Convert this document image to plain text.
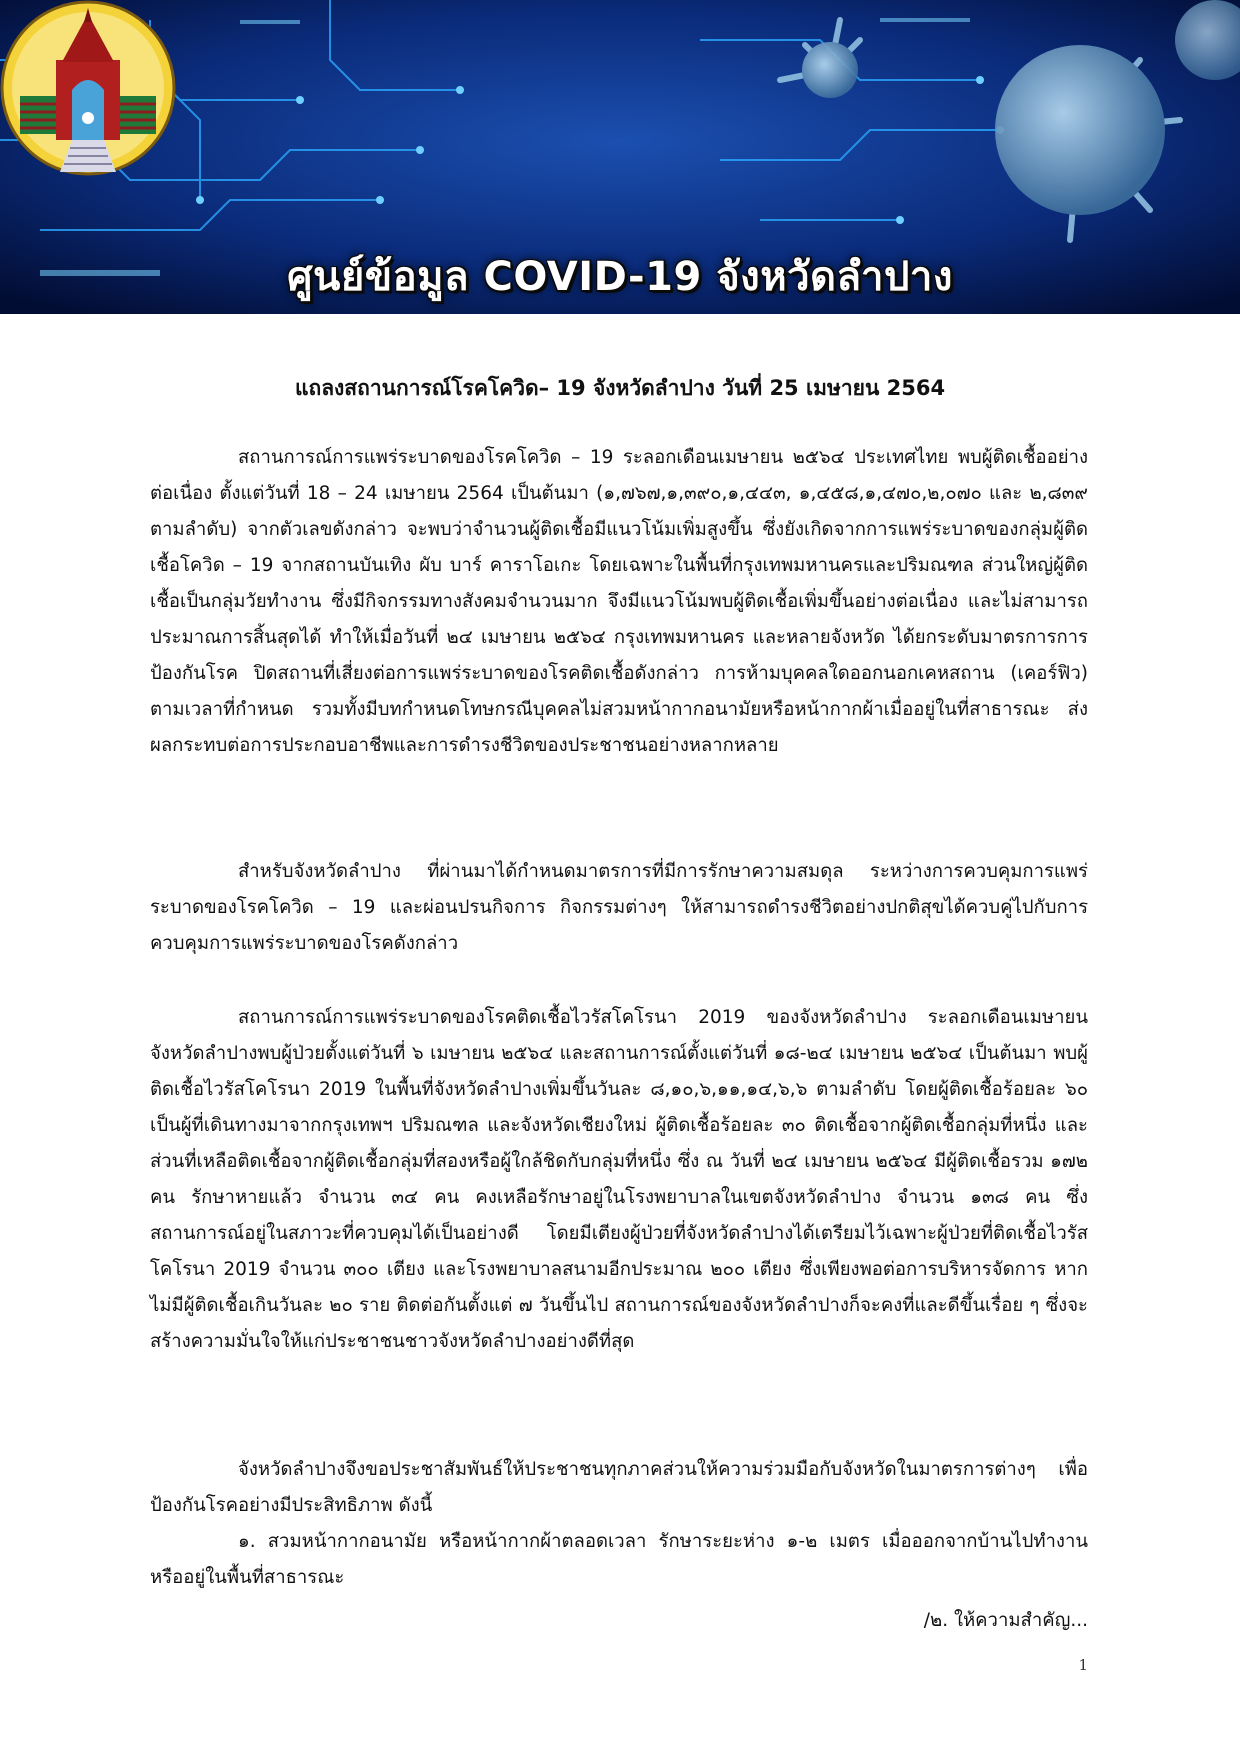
ศูนย์ข้อมูล COVID-19 จังหวัดลำปาง
แถลงสถานการณ์โรคโควิด– 19 จังหวัดลำปาง วันที่ 25 เมษายน 2564

สถานการณ์การแพร่ระบาดของโรคโควิด – 19 ระลอกเดือนเมษายน ๒๕๖๔ ประเทศไทย พบผู้ติดเชื้ออย่างต่อเนื่อง ตั้งแต่วันที่ 18 – 24 เมษายน 2564 เป็นต้นมา (๑,๗๖๗,๑,๓๙๐,๑,๔๔๓, ๑,๔๕๘,๑,๔๗๐,๒,๐๗๐ และ ๒,๘๓๙ ตามลำดับ) จากตัวเลขดังกล่าว จะพบว่าจำนวนผู้ติดเชื้อมีแนวโน้มเพิ่มสูงขึ้น ซึ่งยังเกิดจากการแพร่ระบาดของกลุ่มผู้ติดเชื้อโควิด – 19 จากสถานบันเทิง ผับ บาร์ คาราโอเกะ โดยเฉพาะในพื้นที่กรุงเทพมหานครและปริมณฑล ส่วนใหญ่ผู้ติดเชื้อเป็นกลุ่มวัยทำงาน ซึ่งมีกิจกรรมทางสังคมจำนวนมาก จึงมีแนวโน้มพบผู้ติดเชื้อเพิ่มขึ้นอย่างต่อเนื่อง และไม่สามารถประมาณการสิ้นสุดได้ ทำให้เมื่อวันที่ ๒๔ เมษายน ๒๕๖๔ กรุงเทพมหานคร และหลายจังหวัด ได้ยกระดับมาตรการการป้องกันโรค ปิดสถานที่เสี่ยงต่อการแพร่ระบาดของโรคติดเชื้อดังกล่าว การห้ามบุคคลใดออกนอกเคหสถาน (เคอร์ฟิว) ตามเวลาที่กำหนด รวมทั้งมีบทกำหนดโทษกรณีบุคคลไม่สวมหน้ากากอนามัยหรือหน้ากากผ้าเมื่ออยู่ในที่สาธารณะ ส่งผลกระทบต่อการประกอบอาชีพและการดำรงชีวิตของประชาชนอย่างหลากหลาย

สำหรับจังหวัดลำปาง ที่ผ่านมาได้กำหนดมาตรการที่มีการรักษาความสมดุล ระหว่างการควบคุมการแพร่ระบาดของโรคโควิด – 19 และผ่อนปรนกิจการ กิจกรรมต่างๆ ให้สามารถดำรงชีวิตอย่างปกติสุขได้ควบคู่ไปกับการควบคุมการแพร่ระบาดของโรคดังกล่าว

สถานการณ์การแพร่ระบาดของโรคติดเชื้อไวรัสโคโรนา 2019 ของจังหวัดลำปาง ระลอกเดือนเมษายน จังหวัดลำปางพบผู้ป่วยตั้งแต่วันที่ ๖ เมษายน ๒๕๖๔ และสถานการณ์ตั้งแต่วันที่ ๑๘-๒๔ เมษายน ๒๕๖๔ เป็นต้นมา พบผู้ติดเชื้อไวรัสโคโรนา 2019 ในพื้นที่จังหวัดลำปางเพิ่มขึ้นวันละ ๘,๑๐,๖,๑๑,๑๔,๖,๖ ตามลำดับ โดยผู้ติดเชื้อร้อยละ ๖๐ เป็นผู้ที่เดินทางมาจากกรุงเทพฯ ปริมณฑล และจังหวัดเชียงใหม่ ผู้ติดเชื้อร้อยละ ๓๐ ติดเชื้อจากผู้ติดเชื้อกลุ่มที่หนึ่ง และส่วนที่เหลือติดเชื้อจากผู้ติดเชื้อกลุ่มที่สองหรือผู้ใกล้ชิดกับกลุ่มที่หนึ่ง ซึ่ง ณ วันที่ ๒๔ เมษายน ๒๕๖๔ มีผู้ติดเชื้อรวม ๑๗๒ คน รักษาหายแล้ว จำนวน ๓๔ คน คงเหลือรักษาอยู่ในโรงพยาบาลในเขตจังหวัดลำปาง จำนวน ๑๓๘ คน ซึ่งสถานการณ์อยู่ในสภาวะที่ควบคุมได้เป็นอย่างดี โดยมีเตียงผู้ป่วยที่จังหวัดลำปางได้เตรียมไว้เฉพาะผู้ป่วยที่ติดเชื้อไวรัสโคโรนา 2019 จำนวน ๓๐๐ เตียง และโรงพยาบาลสนามอีกประมาณ ๒๐๐ เตียง ซึ่งเพียงพอต่อการบริหารจัดการ หากไม่มีผู้ติดเชื้อเกินวันละ ๒๐ ราย ติดต่อกันตั้งแต่ ๗ วันขึ้นไป สถานการณ์ของจังหวัดลำปางก็จะคงที่และดีขึ้นเรื่อย ๆ ซึ่งจะสร้างความมั่นใจให้แก่ประชาชนชาวจังหวัดลำปางอย่างดีที่สุด

จังหวัดลำปางจึงขอประชาสัมพันธ์ให้ประชาชนทุกภาคส่วนให้ความร่วมมือกับจังหวัดในมาตรการต่างๆ เพื่อป้องกันโรคอย่างมีประสิทธิภาพ ดังนี้

๑. สวมหน้ากากอนามัย หรือหน้ากากผ้าตลอดเวลา รักษาระยะห่าง ๑-๒ เมตร เมื่อออกจากบ้านไปทำงาน หรืออยู่ในพื้นที่สาธารณะ

/๒. ให้ความสำคัญ...
1
